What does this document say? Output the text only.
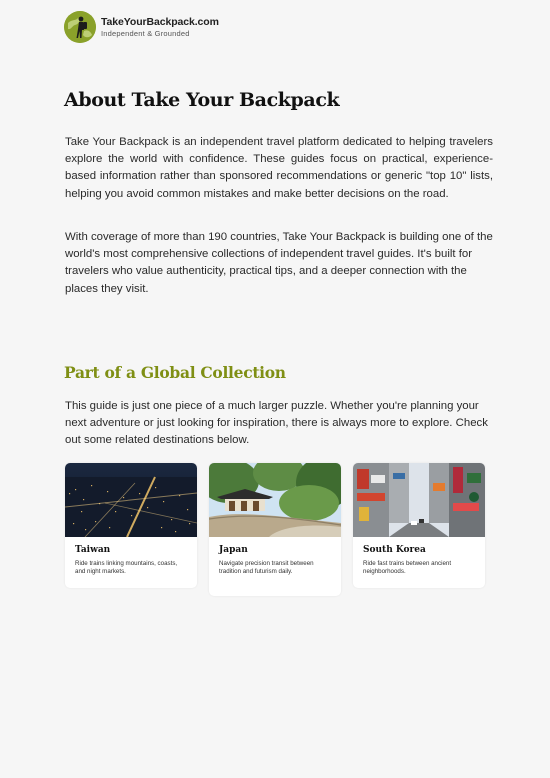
TakeYourBackpack.com
Independent & Grounded
About Take Your Backpack

Take Your Backpack is an independent travel platform dedicated to helping travelers explore the world with confidence. These guides focus on practical, experience-based information rather than sponsored recommendations or generic "top 10" lists, helping you avoid common mistakes and make better decisions on the road.

With coverage of more than 190 countries, Take Your Backpack is building one of the world's most comprehensive collections of independent travel guides. It's built for travelers who value authenticity, practical tips, and a deeper connection with the places they visit.

Part of a Global Collection

This guide is just one piece of a much larger puzzle. Whether you're planning your next adventure or just looking for inspiration, there is always more to explore. Check out some related destinations below.

Taiwan
Ride trains linking mountains, coasts, and night markets.
Japan
Navigate precision transit between tradition and futurism daily.
South Korea
Ride fast trains between ancient neighborhoods.
